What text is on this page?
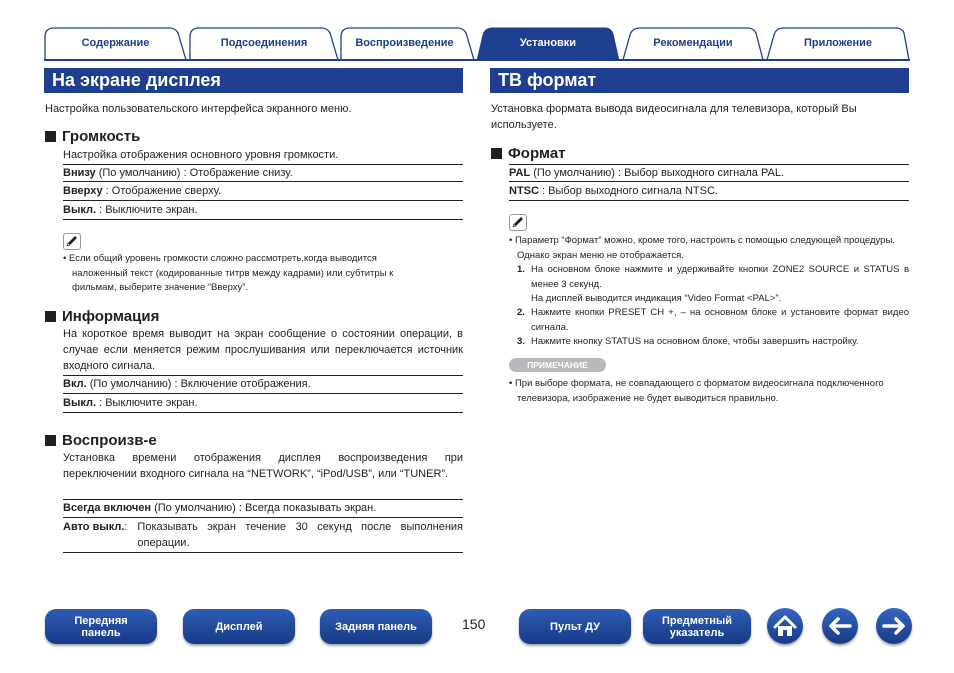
Содержание	Подсоединения	Воспроизведение	Установки	Рекомендации	Приложение
На экране дисплея
Настройка пользовательского интерфейса экранного меню.
Громкость
Настройка отображения основного уровня громкости.
Внизу (По умолчанию) : Отображение снизу.
Вверху : Отображение сверху.
Выкл. : Выключите экран.
• Если общий уровень громкости сложно рассмотреть,когда выводится
наложенный текст (кодированные титрв между кадрами) или субтитры к
фильмам, выберите значение “Вверху”.
Информация
На короткое время выводит на экран сообщение о состоянии операции, в случае если меняется режим прослушивания или переключается источник входного сигнала.
Вкл. (По умолчанию) : Включение отображения.
Выкл. : Выключите экран.
Воспроизв-е
Установка времени отображения дисплея воспроизведения при переключении входного сигнала на “NETWORK”, “iPod/USB”, или “TUNER”.
Всегда включен (По умолчанию) : Всегда показывать экран.
Авто выкл. : Показывать экран течение 30 секунд после выполнения операции.
ТВ формат
Установка формата выводa видеосигнала для телевизора, который Вы используете.
Формат
PAL (По умолчанию) : Выбор выходного сигнала PAL.
NTSC : Выбор выходного сигнала NTSC.
• Параметр “Формат” можно, кроме того, настроить с помощью следующей процедуры. Однако экран меню не отображается.
1. На основном блоке нажмите и удерживайте кнопки ZONE2 SOURCE и STATUS в менее 3 секунд.
На дисплей выводится индикация “Video Format <PAL>”.
2. Нажмите кнопки PRESET CH +, – на основном блоке и установите формат видео сигнала.
3. Нажмите кнопку STATUS на основном блоке, чтобы завершить настройку.
ПРИМЕЧАНИЕ
• При выборе формата, не совпадающего с форматом видеосигнала подключенного телевизора, изображение не будет выводиться правильно.
Передняя панель	Дисплей	Задняя панель	150	Пульт ДУ	Предметный указатель
